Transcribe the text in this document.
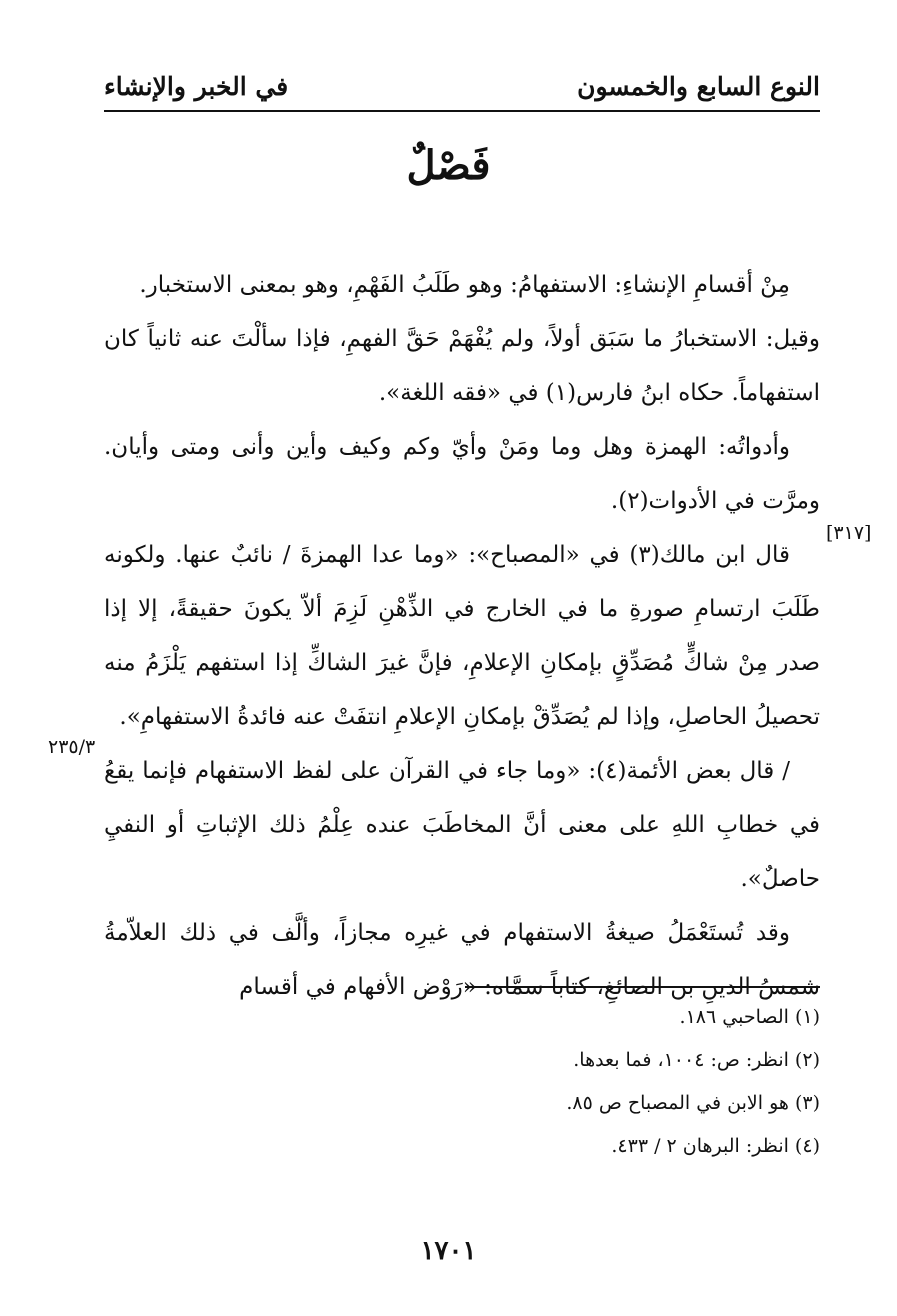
النوع السابع والخمسون
في الخبر والإنشاء
فَصْلٌ

مِنْ أقسامِ الإنشاءِ: الاستفهامُ: وهو طَلَبُ الفَهْمِ، وهو بمعنى الاستخبار.

وقيل: الاستخبارُ ما سَبَق أولاً، ولم يُفْهَمْ حَقَّ الفهمِ، فإذا سألْتَ عنه ثانياً كان استفهاماً. حكاه ابنُ فارس(١) في «فقه اللغة».

وأدواتُه: الهمزة وهل وما ومَنْ وأيّ وكم وكيف وأين وأنى ومتى وأيان. ومرَّت في الأدوات(٢).

قال ابن مالك(٣) في «المصباح»: «وما عدا الهمزةَ / نائبٌ عنها. ولكونه طَلَبَ ارتسامِ صورةِ ما في الخارج في الذِّهْنِ لَزِمَ ألاّ يكونَ حقيقةً، إلا إذا صدر مِنْ شاكٍّ مُصَدِّقٍ بإمكانِ الإعلامِ، فإنَّ غيرَ الشاكِّ إذا استفهم يَلْزَمُ منه تحصيلُ الحاصلِ، وإذا لم يُصَدِّقْ بإمكانِ الإعلامِ انتفَتْ عنه فائدةُ الاستفهامِ».

/ قال بعض الأئمة(٤): «وما جاء في القرآن على لفظ الاستفهام فإنما يقعُ في خطابِ اللهِ على معنى أنَّ المخاطَبَ عنده عِلْمُ ذلك الإثباتِ أو النفيِ حاصلٌ».

وقد تُستَعْمَلُ صيغةُ الاستفهام في غيرِه مجازاً، وألَّف في ذلك العلاّمةُ شمسُ الدينِ بن الصائغِ، كتاباً سمَّاه: «رَوْض الأفهام في أقسام

[٣١٧]
٢٣٥/٣
(١) الصاحبي ١٨٦.
(٢) انظر: ص: ١٠٠٤، فما بعدها.
(٣) هو الابن في المصباح ص ٨٥.
(٤) انظر: البرهان ٢ / ٤٣٣.
١٧٠١
